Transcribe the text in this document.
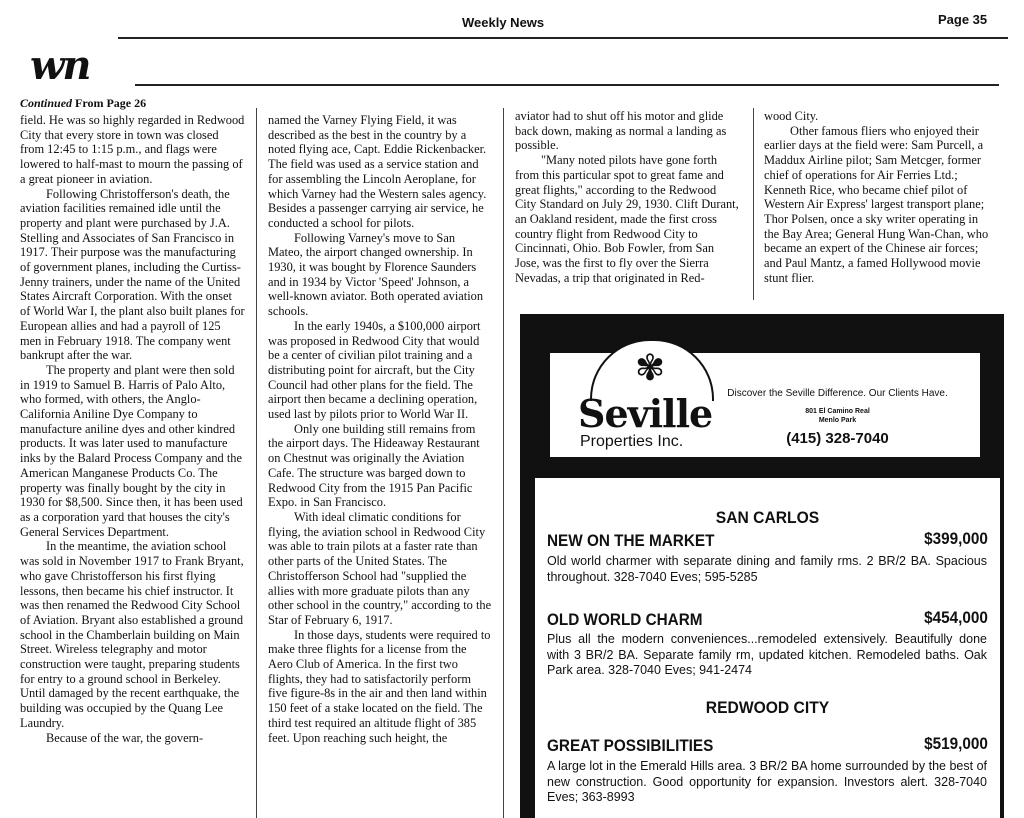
Weekly News	Page 35
wn
Continued From Page 26

field. He was so highly regarded in Redwood City that every store in town was closed from 12:45 to 1:15 p.m., and flags were lowered to half-mast to mourn the passing of a great pioneer in aviation.

Following Christofferson's death, the aviation facilities remained idle until the property and plant were purchased by J.A. Stelling and Associates of San Francisco in 1917. Their purpose was the manufacturing of government planes, including the Curtiss-Jenny trainers, under the name of the United States Aircraft Corporation. With the onset of World War I, the plant also built planes for European allies and had a payroll of 125 men in February 1918. The company went bankrupt after the war.

The property and plant were then sold in 1919 to Samuel B. Harris of Palo Alto, who formed, with others, the Anglo-California Aniline Dye Company to manufacture aniline dyes and other kindred products. It was later used to manufacture inks by the Balard Process Company and the American Manganese Products Co. The property was finally bought by the city in 1930 for $8,500. Since then, it has been used as a corporation yard that houses the city's General Services Department.

In the meantime, the aviation school was sold in November 1917 to Frank Bryant, who gave Christofferson his first flying lessons, then became his chief instructor. It was then renamed the Redwood City School of Aviation. Bryant also established a ground school in the Chamberlain building on Main Street. Wireless telegraphy and motor construction were taught, preparing students for entry to a ground school in Berkeley. Until damaged by the recent earthquake, the building was occupied by the Quang Lee Laundry.

Because of the war, the govern-

named the Varney Flying Field, it was described as the best in the country by a noted flying ace, Capt. Eddie Rickenbacker. The field was used as a service station and for assembling the Lincoln Aeroplane, for which Varney had the Western sales agency. Besides a passenger carrying air service, he conducted a school for pilots.

Following Varney's move to San Mateo, the airport changed ownership. In 1930, it was bought by Florence Saunders and in 1934 by Victor 'Speed' Johnson, a well-known aviator. Both operated aviation schools.

In the early 1940s, a $100,000 airport was proposed in Redwood City that would be a center of civilian pilot training and a distributing point for aircraft, but the City Council had other plans for the field. The airport then became a declining operation, used last by pilots prior to World War II.

Only one building still remains from the airport days. The Hideaway Restaurant on Chestnut was originally the Aviation Cafe. The structure was barged down to Redwood City from the 1915 Pan Pacific Expo. in San Francisco.

With ideal climatic conditions for flying, the aviation school in Redwood City was able to train pilots at a faster rate than other parts of the United States. The Christofferson School had "supplied the allies with more graduate pilots than any other school in the country," according to the Star of February 6, 1917.

In those days, students were required to make three flights for a license from the Aero Club of America. In the first two flights, they had to satisfactorily perform five figure-8s in the air and then land within 150 feet of a stake located on the field. The third test required an altitude flight of 385 feet. Upon reaching such height, the

aviator had to shut off his motor and glide back down, making as normal a landing as possible.

"Many noted pilots have gone forth from this particular spot to great fame and great flights," according to the Redwood City Standard on July 29, 1930. Clift Durant, an Oakland resident, made the first cross country flight from Redwood City to Cincinnati, Ohio. Bob Fowler, from San Jose, was the first to fly over the Sierra Nevadas, a trip that originated in Red-

wood City.

Other famous fliers who enjoyed their earlier days at the field were: Sam Purcell, a Maddux Airline pilot; Sam Metcger, former chief of operations for Air Ferries Ltd.; Kenneth Rice, who became chief pilot of Western Air Express' largest transport plane; Thor Polsen, once a sky writer operating in the Bay Area; General Hung Wan-Chan, who became an expert of the Chinese air forces; and Paul Mantz, a famed Hollywood movie stunt flier.

✾
Seville
Properties Inc.
Discover the Seville Difference. Our Clients Have.
801 El Camino Real
Menlo Park
(415) 328-7040
SAN CARLOS
NEW ON THE MARKET	$399,000
Old world charmer with separate dining and family rms. 2 BR/2 BA. Spacious throughout. 328-7040 Eves; 595-5285
OLD WORLD CHARM	$454,000
Plus all the modern conveniences...remodeled extensively. Beautifully done with 3 BR/2 BA. Separate family rm, updated kitchen. Remodeled baths. Oak Park area. 328-7040 Eves; 941-2474
REDWOOD CITY
GREAT POSSIBILITIES	$519,000
A large lot in the Emerald Hills area. 3 BR/2 BA home surrounded by the best of new construction. Good opportunity for expansion. Investors alert. 328-7040 Eves; 363-8993
